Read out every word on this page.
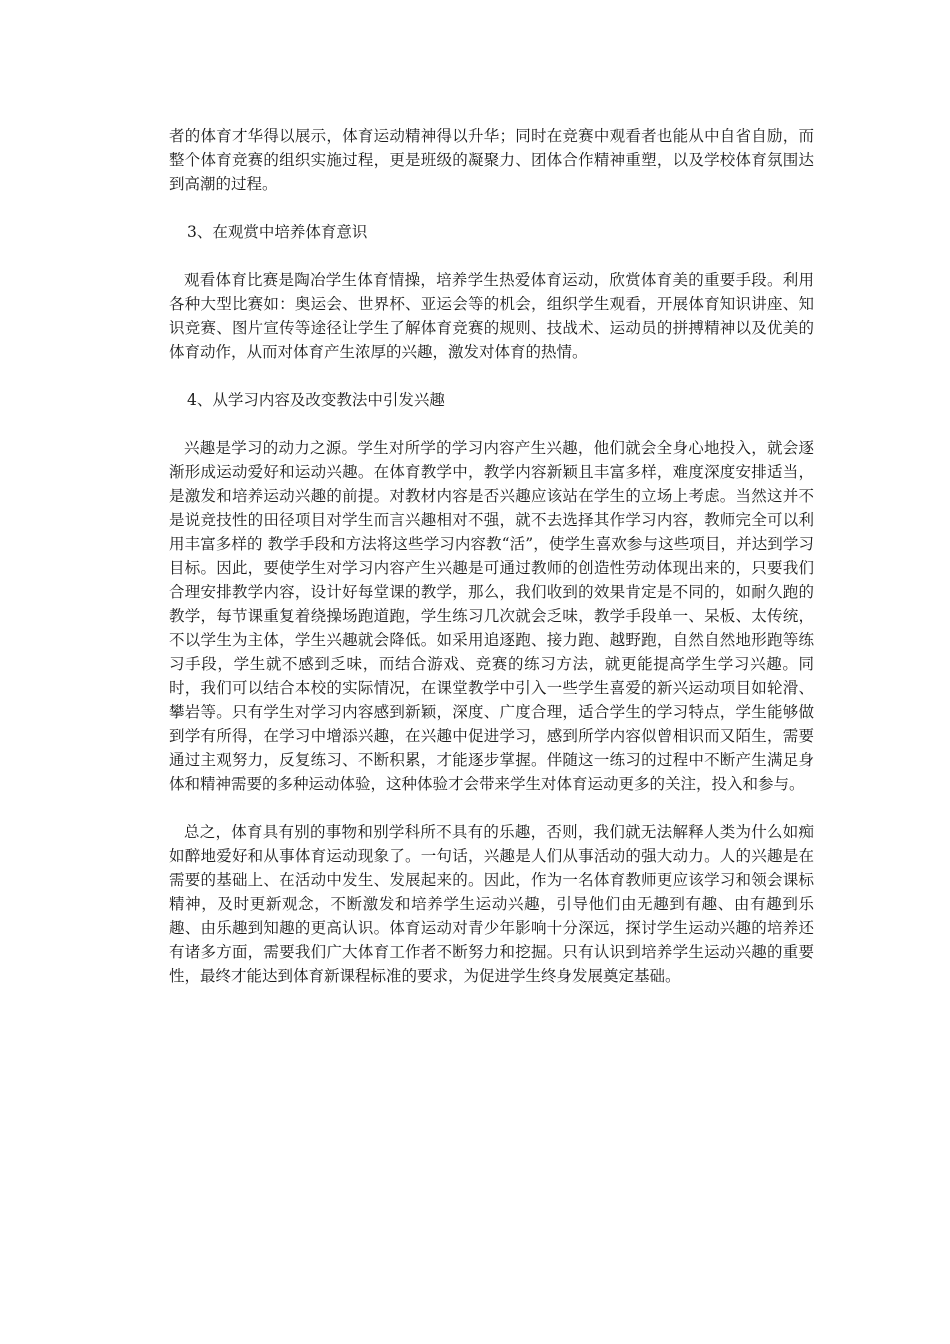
者的体育才华得以展示，体育运动精神得以升华；同时在竞赛中观看者也能从中自省自励，而整个体育竞赛的组织实施过程，更是班级的凝聚力、团体合作精神重塑，以及学校体育氛围达到高潮的过程。

3、在观赏中培养体育意识

观看体育比赛是陶冶学生体育情操，培养学生热爱体育运动，欣赏体育美的重要手段。利用各种大型比赛如：奥运会、世界杯、亚运会等的机会，组织学生观看，开展体育知识讲座、知识竞赛、图片宣传等途径让学生了解体育竞赛的规则、技战术、运动员的拼搏精神以及优美的体育动作，从而对体育产生浓厚的兴趣，激发对体育的热情。

4、从学习内容及改变教法中引发兴趣

兴趣是学习的动力之源。学生对所学的学习内容产生兴趣，他们就会全身心地投入，就会逐渐形成运动爱好和运动兴趣。在体育教学中，教学内容新颖且丰富多样，难度深度安排适当， 是激发和培养运动兴趣的前提。对教材内容是否兴趣应该站在学生的立场上考虑。当然这并不是说竞技性的田径项目对学生而言兴趣相对不强，就不去选择其作学习内容，教师完全可以利用丰富多样的 教学手段和方法将这些学习内容教“活”，使学生喜欢参与这些项目，并达到学习目标。因此，要使学生对学习内容产生兴趣是可通过教师的创造性劳动体现出来的，只要我们合理安排教学内容，设计好每堂课的教学，那么，我们收到的效果肯定是不同的，如耐久跑的教学，每节课重复着绕操场跑道跑，学生练习几次就会乏味，教学手段单一、呆板、太传统，不以学生为主体，学生兴趣就会降低。如采用追逐跑、接力跑、越野跑，自然自然地形跑等练习手段，学生就不感到乏味，而结合游戏、竞赛的练习方法，就更能提高学生学习兴趣。同时，我们可以结合本校的实际情况，在课堂教学中引入一些学生喜爱的新兴运动项目如轮滑、攀岩等。只有学生对学习内容感到新颖，深度、广度合理，适合学生的学习特点，学生能够做到学有所得，在学习中增添兴趣，在兴趣中促进学习，感到所学内容似曾相识而又陌生，需要通过主观努力，反复练习、不断积累，才能逐步掌握。伴随这一练习的过程中不断产生满足身体和精神需要的多种运动体验，这种体验才会带来学生对体育运动更多的关注，投入和参与。

总之，体育具有别的事物和别学科所不具有的乐趣，否则，我们就无法解释人类为什么如痴如醉地爱好和从事体育运动现象了。一句话，兴趣是人们从事活动的强大动力。人的兴趣是在需要的基础上、在活动中发生、发展起来的。因此，作为一名体育教师更应该学习和领会课标精神，及时更新观念，不断激发和培养学生运动兴趣，引导他们由无趣到有趣、由有趣到乐趣、由乐趣到知趣的更高认识。体育运动对青少年影响十分深远，探讨学生运动兴趣的培养还有诸多方面，需要我们广大体育工作者不断努力和挖掘。只有认识到培养学生运动兴趣的重要性，最终才能达到体育新课程标准的要求，为促进学生终身发展奠定基础。
